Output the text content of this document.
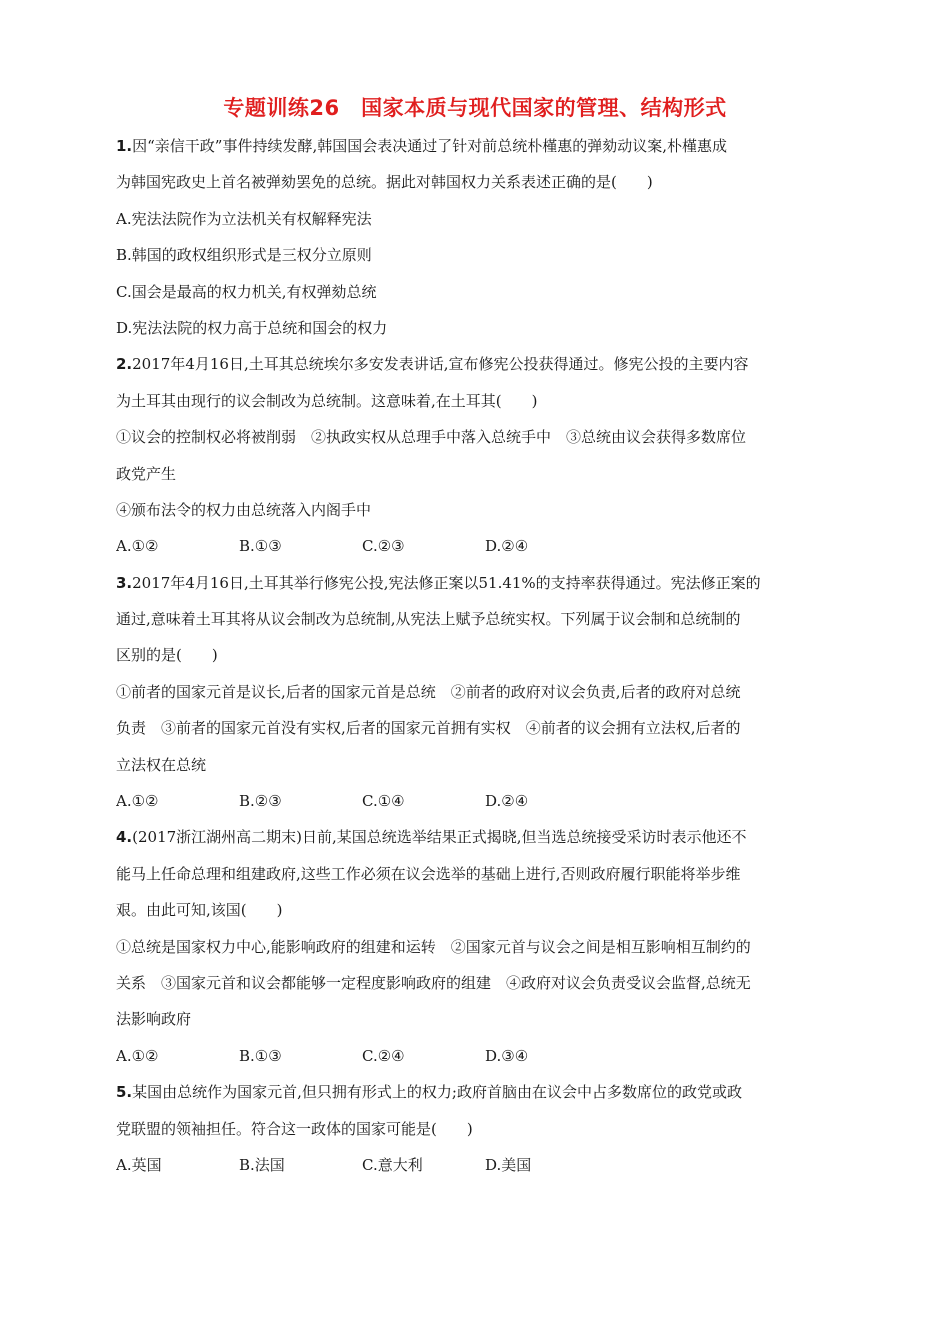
专题训练26　国家本质与现代国家的管理、结构形式
1.因“亲信干政”事件持续发酵,韩国国会表决通过了针对前总统朴槿惠的弹劾动议案,朴槿惠成
为韩国宪政史上首名被弹劾罢免的总统。据此对韩国权力关系表述正确的是(　　)
A.宪法法院作为立法机关有权解释宪法
B.韩国的政权组织形式是三权分立原则
C.国会是最高的权力机关,有权弹劾总统
D.宪法法院的权力高于总统和国会的权力
2.2017年4月16日,土耳其总统埃尔多安发表讲话,宣布修宪公投获得通过。修宪公投的主要内容
为土耳其由现行的议会制改为总统制。这意味着,在土耳其(　　)
①议会的控制权必将被削弱　②执政实权从总理手中落入总统手中　③总统由议会获得多数席位
政党产生
④颁布法令的权力由总统落入内阁手中
A.①②	B.①③	C.②③	D.②④
3.2017年4月16日,土耳其举行修宪公投,宪法修正案以51.41%的支持率获得通过。宪法修正案的
通过,意味着土耳其将从议会制改为总统制,从宪法上赋予总统实权。下列属于议会制和总统制的
区别的是(　　)
①前者的国家元首是议长,后者的国家元首是总统　②前者的政府对议会负责,后者的政府对总统
负责　③前者的国家元首没有实权,后者的国家元首拥有实权　④前者的议会拥有立法权,后者的
立法权在总统
A.①②	B.②③	C.①④	D.②④
4.(2017浙江湖州高二期末)日前,某国总统选举结果正式揭晓,但当选总统接受采访时表示他还不
能马上任命总理和组建政府,这些工作必须在议会选举的基础上进行,否则政府履行职能将举步维
艰。由此可知,该国(　　)
①总统是国家权力中心,能影响政府的组建和运转　②国家元首与议会之间是相互影响相互制约的
关系　③国家元首和议会都能够一定程度影响政府的组建　④政府对议会负责受议会监督,总统无
法影响政府
A.①②	B.①③	C.②④	D.③④
5.某国由总统作为国家元首,但只拥有形式上的权力;政府首脑由在议会中占多数席位的政党或政
党联盟的领袖担任。符合这一政体的国家可能是(　　)
A.英国	B.法国	C.意大利	D.美国
